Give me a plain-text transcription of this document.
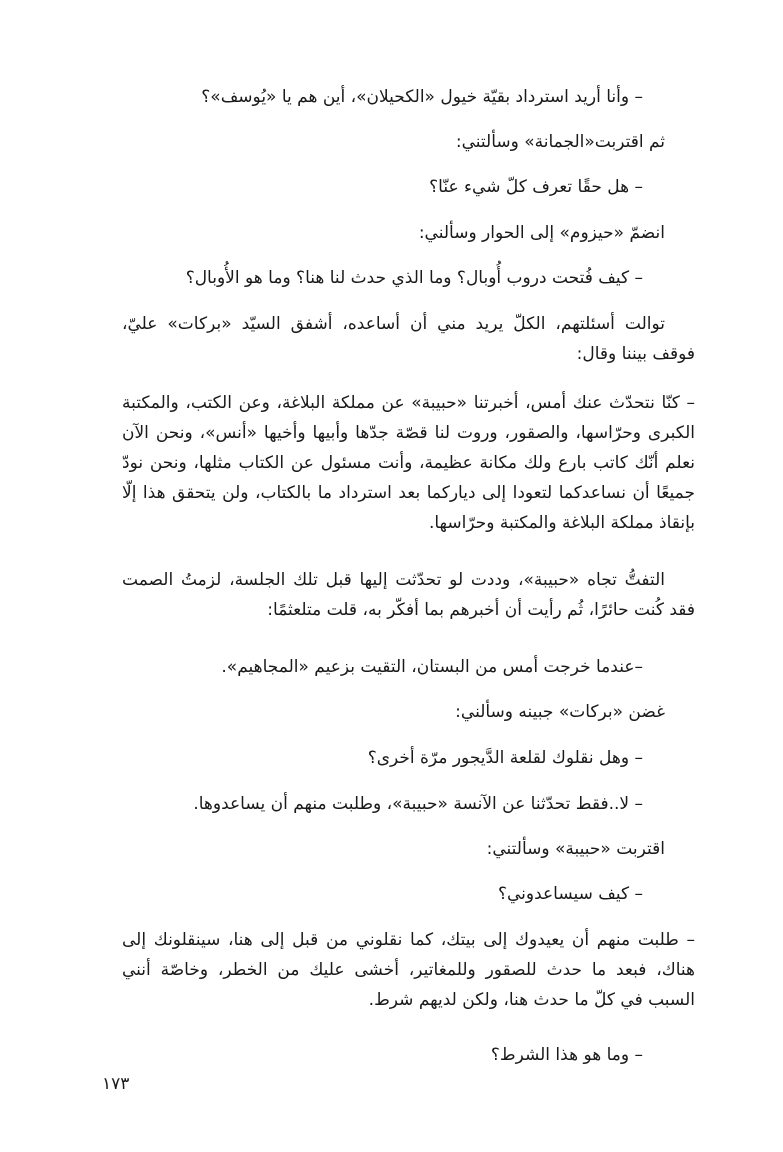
– وأنا أريد استرداد بقيّة خيول «الكحيلان»، أين هم يا «يُوسف»؟
ثم اقتربت«الجمانة» وسألتني:
– هل حقًا تعرف كلّ شيء عنّا؟
انضمّ «حيزوم» إلى الحوار وسألني:
– كيف فُتحت دروب أُوبال؟ وما الذي حدث لنا هنا؟ وما هو الأُوبال؟
توالت أسئلتهم، الكلّ يريد مني أن أساعده، أشفق السيّد «بركات» عليّ، فوقف بيننا وقال:
– كنّا نتحدّث عنك أمس، أخبرتنا «حبيبة» عن مملكة البلاغة، وعن الكتب، والمكتبة الكبرى وحرّاسها، والصقور، وروت لنا قصّة جدّها وأبيها وأخيها «أنس»، ونحن الآن نعلم أنّك كاتب بارع ولك مكانة عظيمة، وأنت مسئول عن الكتاب مثلها، ونحن نودّ جميعًا أن نساعدكما لتعودا إلى دياركما بعد استرداد ما بالكتاب، ولن يتحقق هذا إلّا بإنقاذ مملكة البلاغة والمكتبة وحرّاسها.
التفتُّ تجاه «حبيبة»، وددت لو تحدّثت إليها قبل تلك الجلسة، لزمتُ الصمت فقد كُنت حائرًا، ثُم رأيت أن أخبرهم بما أفكّر به، قلت متلعثمًا:
–عندما خرجت أمس من البستان، التقيت بزعيم «المجاهيم».
غضن «بركات» جبينه وسألني:
– وهل نقلوك لقلعة الدَّيجور مرّة أخرى؟
– لا..فقط تحدّثنا عن الآنسة «حبيبة»، وطلبت منهم أن يساعدوها.
اقتربت «حبيبة» وسألتني:
– كيف سيساعدوني؟
– طلبت منهم أن يعيدوك إلى بيتك، كما نقلوني من قبل إلى هنا، سينقلونك إلى هناك، فبعد ما حدث للصقور وللمغاتير، أخشى عليك من الخطر، وخاصّة أنني السبب في كلّ ما حدث هنا، ولكن لديهم شرط.
– وما هو هذا الشرط؟
١٧٣
